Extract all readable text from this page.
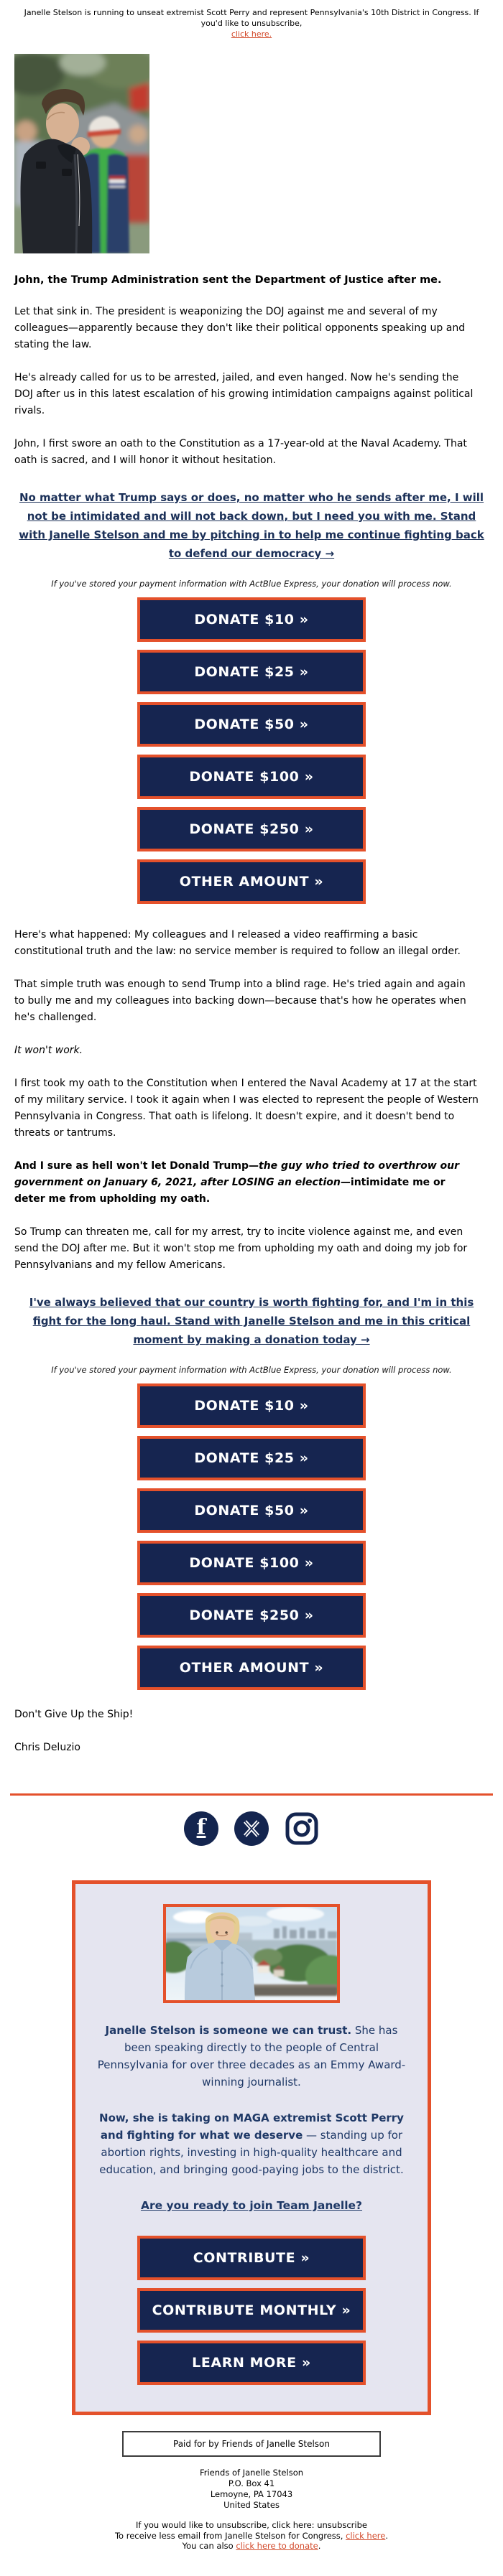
Janelle Stelson is running to unseat extremist Scott Perry and represent Pennsylvania's 10th District in Congress. If you'd like to unsubscribe,
click here.

John, the Trump Administration sent the Department of Justice after me.

Let that sink in. The president is weaponizing the DOJ against me and several of my colleagues—apparently because they don't like their political opponents speaking up and stating the law.

He's already called for us to be arrested, jailed, and even hanged. Now he's sending the DOJ after us in this latest escalation of his growing intimidation campaigns against political rivals.

John, I first swore an oath to the Constitution as a 17-year-old at the Naval Academy. That oath is sacred, and I will honor it without hesitation.

No matter what Trump says or does, no matter who he sends after me, I will not be intimidated and will not back down, but I need you with me. Stand with Janelle Stelson and me by pitching in to help me continue fighting back to defend our democracy →

If you've stored your payment information with ActBlue Express, your donation will process now.

DONATE $10 »
DONATE $25 »
DONATE $50 »
DONATE $100 »
DONATE $250 »
OTHER AMOUNT »

Here's what happened: My colleagues and I released a video reaffirming a basic constitutional truth and the law: no service member is required to follow an illegal order.

That simple truth was enough to send Trump into a blind rage. He's tried again and again to bully me and my colleagues into backing down—because that's how he operates when he's challenged.

It won't work.

I first took my oath to the Constitution when I entered the Naval Academy at 17 at the start of my military service. I took it again when I was elected to represent the people of Western Pennsylvania in Congress. That oath is lifelong. It doesn't expire, and it doesn't bend to threats or tantrums.

And I sure as hell won't let Donald Trump—the guy who tried to overthrow our government on January 6, 2021, after LOSING an election—intimidate me or deter me from upholding my oath.

So Trump can threaten me, call for my arrest, try to incite violence against me, and even send the DOJ after me. But it won't stop me from upholding my oath and doing my job for Pennsylvanians and my fellow Americans.

I've always believed that our country is worth fighting for, and I'm in this fight for the long haul. Stand with Janelle Stelson and me in this critical moment by making a donation today →

If you've stored your payment information with ActBlue Express, your donation will process now.

DONATE $10 »
DONATE $25 »
DONATE $50 »
DONATE $100 »
DONATE $250 »
OTHER AMOUNT »

Don't Give Up the Ship!

Chris Deluzio

f

Janelle Stelson is someone we can trust. She has been speaking directly to the people of Central Pennsylvania for over three decades as an Emmy Award-winning journalist.

Now, she is taking on MAGA extremist Scott Perry and fighting for what we deserve — standing up for abortion rights, investing in high-quality healthcare and education, and bringing good-paying jobs to the district.

Are you ready to join Team Janelle?

CONTRIBUTE »
CONTRIBUTE MONTHLY »
LEARN MORE »
Paid for by Friends of Janelle Stelson
Friends of Janelle Stelson
P.O. Box 41
Lemoyne, PA 17043
United States
If you would like to unsubscribe, click here: unsubscribe
To receive less email from Janelle Stelson for Congress, click here.
You can also click here to donate.
